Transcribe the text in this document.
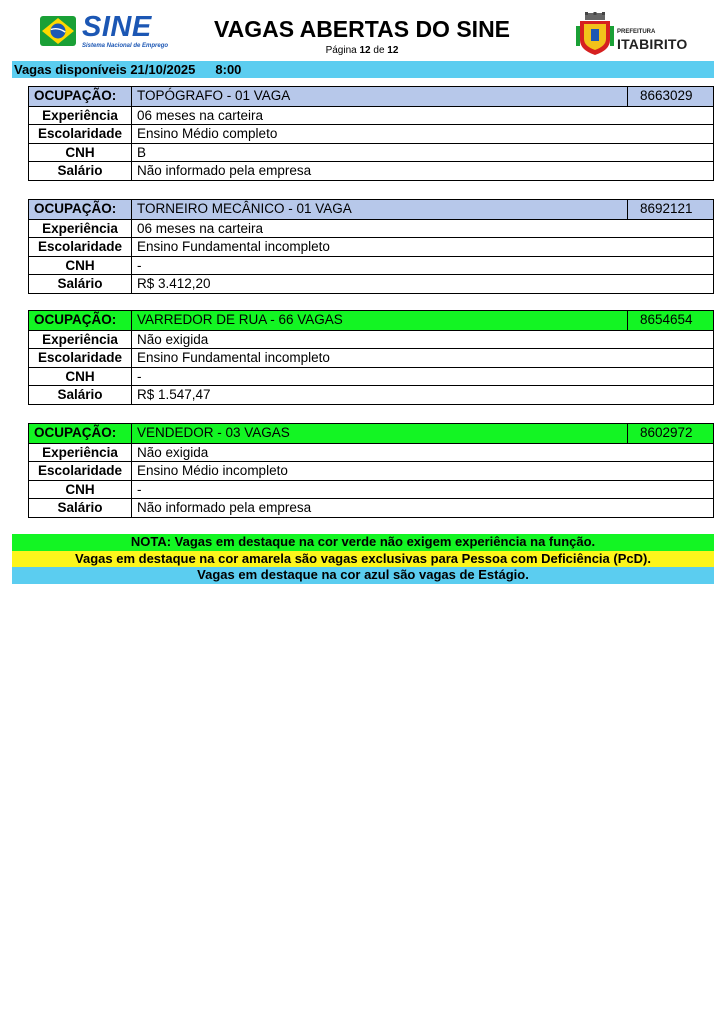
SINE
Sistema Nacional de Emprego
VAGAS ABERTAS DO SINE
Página 12 de 12
PREFEITURA
ITABIRITO
Vagas disponíveis 21/10/2025 8:00
OCUPAÇÃO:	TOPÓGRAFO - 01 VAGA	8663029
Experiência	06 meses na carteira
Escolaridade	Ensino Médio completo
CNH	B
Salário	Não informado pela empresa
OCUPAÇÃO:	TORNEIRO MECÂNICO - 01 VAGA	8692121
Experiência	06 meses na carteira
Escolaridade	Ensino Fundamental incompleto
CNH	-
Salário	R$ 3.412,20
OCUPAÇÃO:	VARREDOR DE RUA - 66 VAGAS	8654654
Experiência	Não exigida
Escolaridade	Ensino Fundamental incompleto
CNH	-
Salário	R$ 1.547,47
OCUPAÇÃO:	VENDEDOR - 03 VAGAS	8602972
Experiência	Não exigida
Escolaridade	Ensino Médio incompleto
CNH	-
Salário	Não informado pela empresa
NOTA: Vagas em destaque na cor verde não exigem experiência na função.
Vagas em destaque na cor amarela são vagas exclusivas para Pessoa com Deficiência (PcD).
Vagas em destaque na cor azul são vagas de Estágio.
